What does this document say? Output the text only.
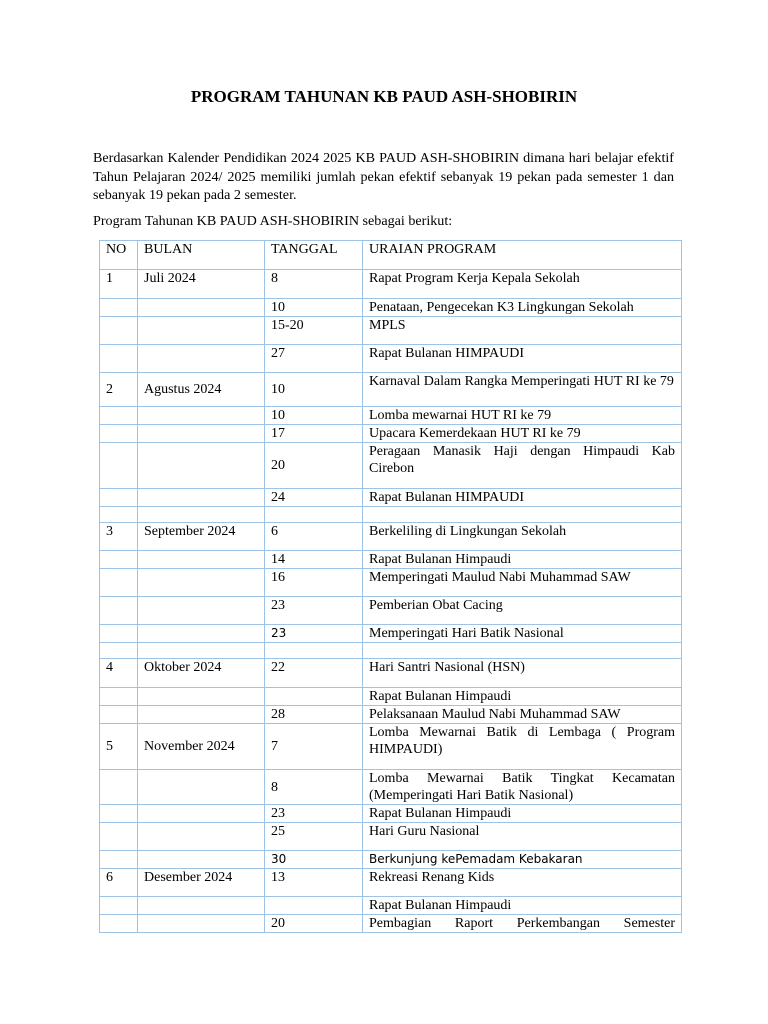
PROGRAM TAHUNAN KB PAUD ASH-SHOBIRIN

Berdasarkan Kalender Pendidikan 2024 2025 KB PAUD ASH-SHOBIRIN dimana hari belajar efektif Tahun Pelajaran 2024/ 2025 memiliki jumlah pekan efektif sebanyak 19 pekan pada semester 1 dan sebanyak 19 pekan pada 2 semester.

Program Tahunan KB PAUD ASH-SHOBIRIN sebagai berikut:

NO	BULAN	TANGGAL	URAIAN PROGRAM
1	Juli 2024	8	Rapat Program Kerja Kepala Sekolah
		10	Penataan, Pengecekan K3 Lingkungan Sekolah
		15-20	MPLS
		27	Rapat Bulanan HIMPAUDI
2	Agustus 2024	10	Karnaval Dalam Rangka Memperingati HUT RI ke 79
		10	Lomba mewarnai HUT RI ke 79
		17	Upacara Kemerdekaan HUT RI ke 79
		20	Peragaan Manasik Haji dengan Himpaudi Kab Cirebon
		24	Rapat Bulanan HIMPAUDI

3	September 2024	6	Berkeliling di Lingkungan Sekolah
		14	Rapat Bulanan Himpaudi
		16	Memperingati Maulud Nabi Muhammad SAW
		23	Pemberian Obat Cacing
		23	Memperingati Hari Batik Nasional

4	Oktober 2024	22	Hari Santri Nasional (HSN)
			Rapat Bulanan Himpaudi
		28	Pelaksanaan Maulud Nabi Muhammad SAW
5	November 2024	7	Lomba Mewarnai Batik di Lembaga ( Program HIMPAUDI)
		8	Lomba Mewarnai Batik Tingkat Kecamatan (Memperingati Hari Batik Nasional)
		23	Rapat Bulanan Himpaudi
		25	Hari Guru Nasional
		30	Berkunjung kePemadam Kebakaran
6	Desember 2024	13	Rekreasi Renang Kids
			Rapat Bulanan Himpaudi
		20	Pembagian Raport Perkembangan Semester
